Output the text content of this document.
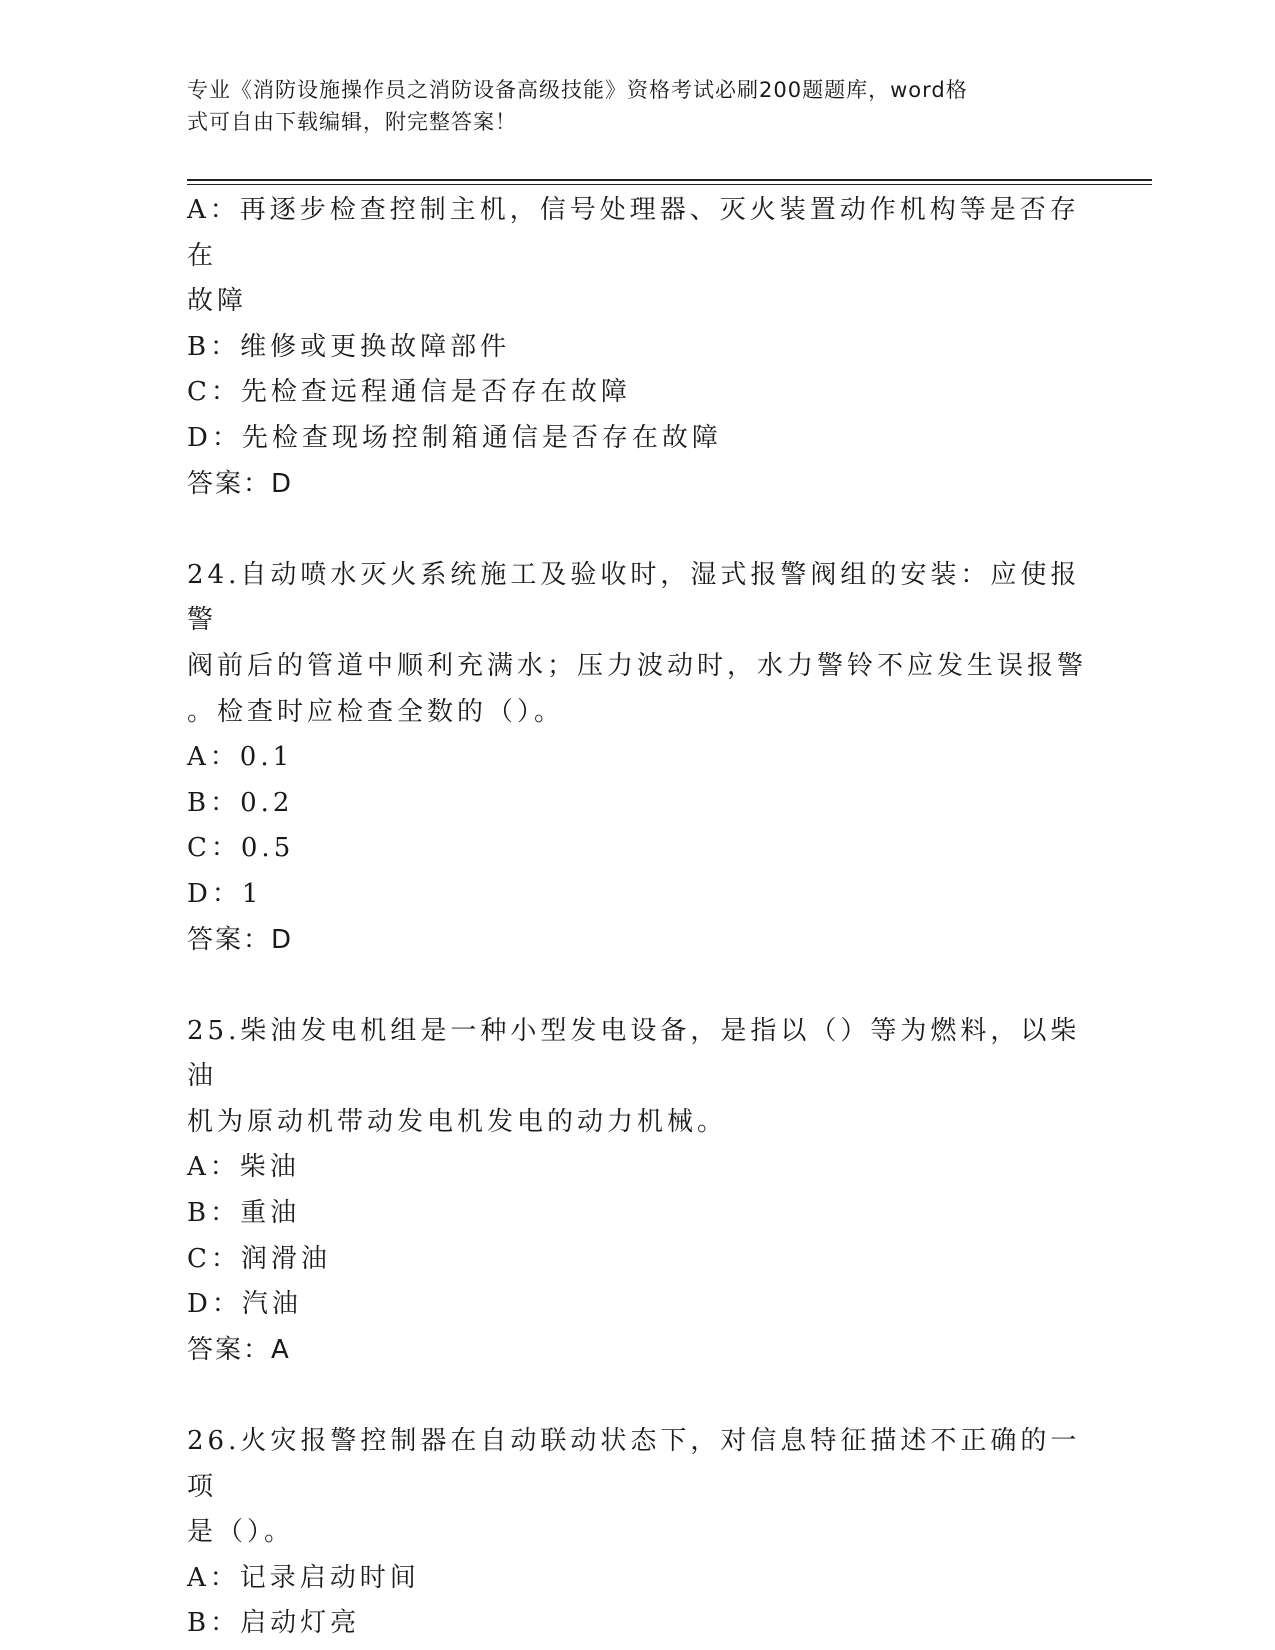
专业《消防设施操作员之消防设备高级技能》资格考试必刷200题题库，word格
式可自由下载编辑，附完整答案！
A：再逐步检查控制主机，信号处理器、灭火装置动作机构等是否存在
故障
B：维修或更换故障部件
C：先检查远程通信是否存在故障
D：先检查现场控制箱通信是否存在故障
答案：D
24.自动喷水灭火系统施工及验收时，湿式报警阀组的安装：应使报警
阀前后的管道中顺利充满水；压力波动时，水力警铃不应发生误报警
。检查时应检查全数的（）。
A：0.1
B：0.2
C：0.5
D：1
答案：D
25.柴油发电机组是一种小型发电设备，是指以（）等为燃料，以柴油
机为原动机带动发电机发电的动力机械。
A：柴油
B：重油
C：润滑油
D：汽油
答案：A
26.火灾报警控制器在自动联动状态下，对信息特征描述不正确的一项
是（）。
A：记录启动时间
B：启动灯亮
